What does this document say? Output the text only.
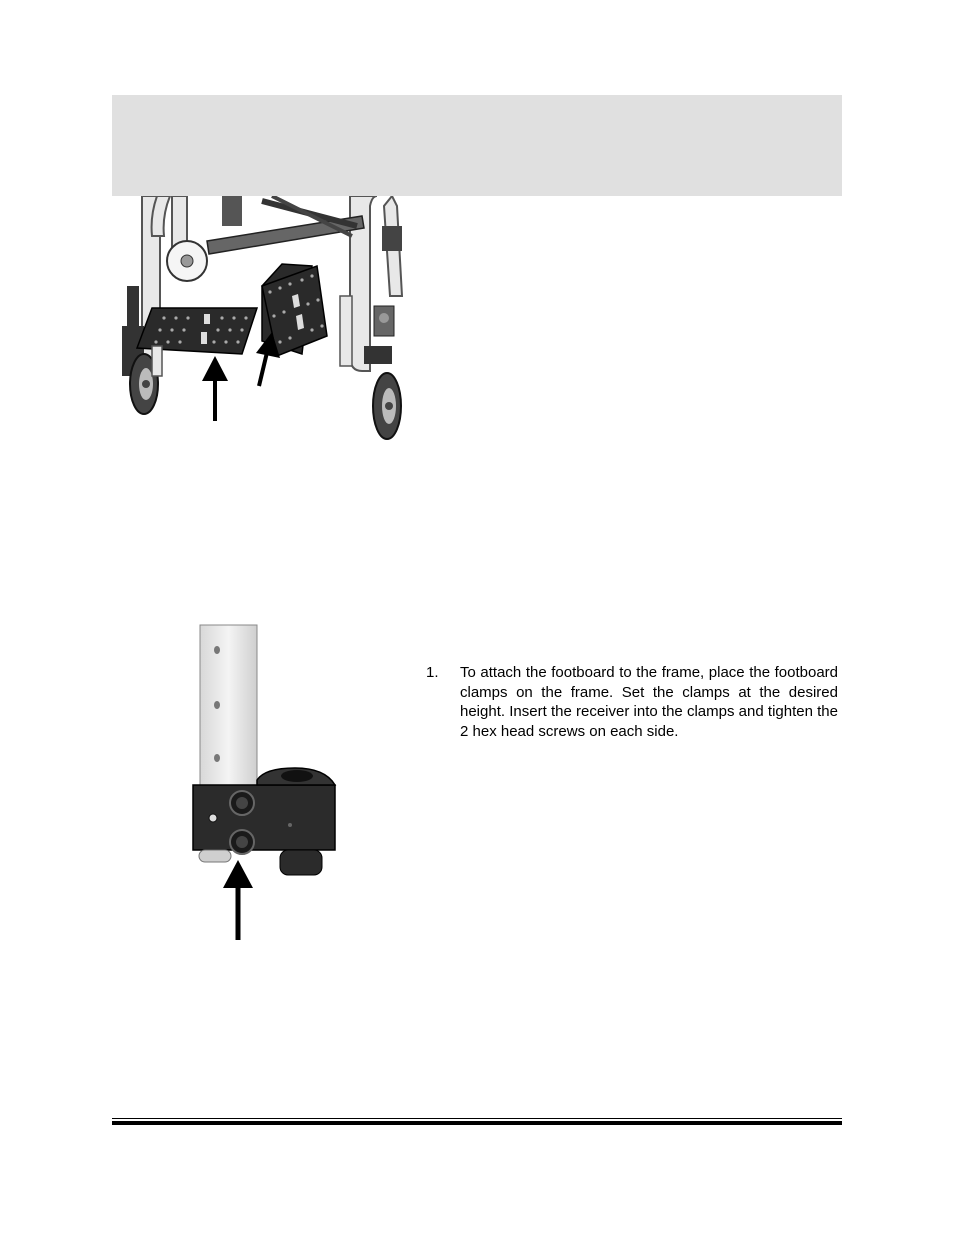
1.	To attach the footboard to the frame, place the footboard clamps on the frame. Set the clamps at the desired height. Insert the receiver into the clamps and tighten the 2 hex head screws on each side.
